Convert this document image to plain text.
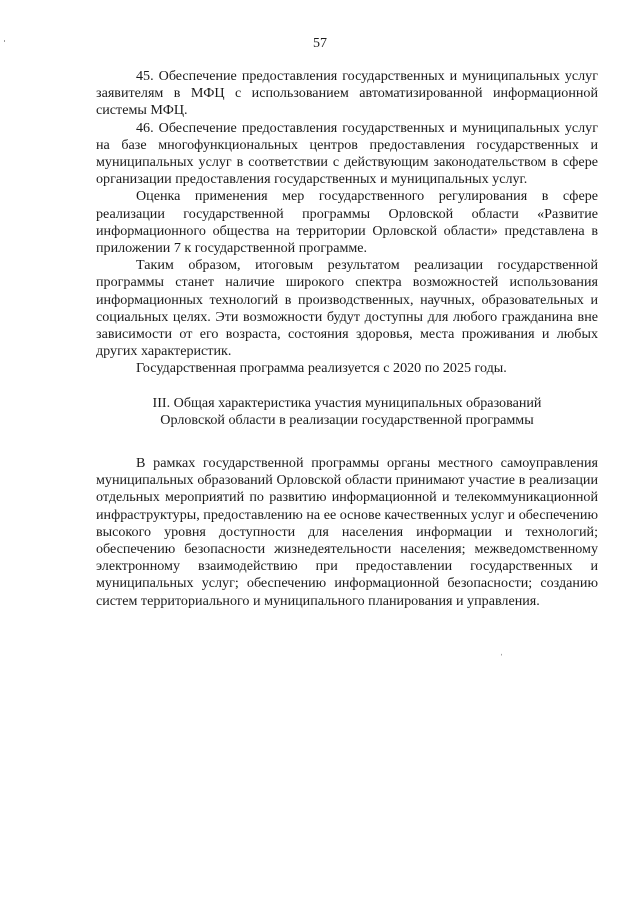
57

45. Обеспечение предоставления государственных и муниципальных услуг заявителям в МФЦ с использованием автоматизированной информационной системы МФЦ.

46. Обеспечение предоставления государственных и муниципальных услуг на базе многофункциональных центров предоставления государственных и муниципальных услуг в соответствии с действующим законодательством в сфере организации предоставления государственных и муниципальных услуг.

Оценка применения мер государственного регулирования в сфере реализации государственной программы Орловской области «Развитие информационного общества на территории Орловской области» представлена в приложении 7 к государственной программе.

Таким образом, итоговым результатом реализации государственной программы станет наличие широкого спектра возможностей использования информационных технологий в производственных, научных, образовательных и социальных целях. Эти возможности будут доступны для любого гражданина вне зависимости от его возраста, состояния здоровья, места проживания и любых других характеристик.

Государственная программа реализуется с 2020 по 2025 годы.

III. Общая характеристика участия муниципальных образований
Орловской области в реализации государственной программы

В рамках государственной программы органы местного самоуправления муниципальных образований Орловской области принимают участие в реализации отдельных мероприятий по развитию информационной и телекоммуникационной инфраструктуры, предоставлению на ее основе качественных услуг и обеспечению высокого уровня доступности для населения информации и технологий; обеспечению безопасности жизнедеятельности населения; межведомственному электронному взаимодействию при предоставлении государственных и муниципальных услуг; обеспечению информационной безопасности; созданию систем территориального и муниципального планирования и управления.

ˌ
